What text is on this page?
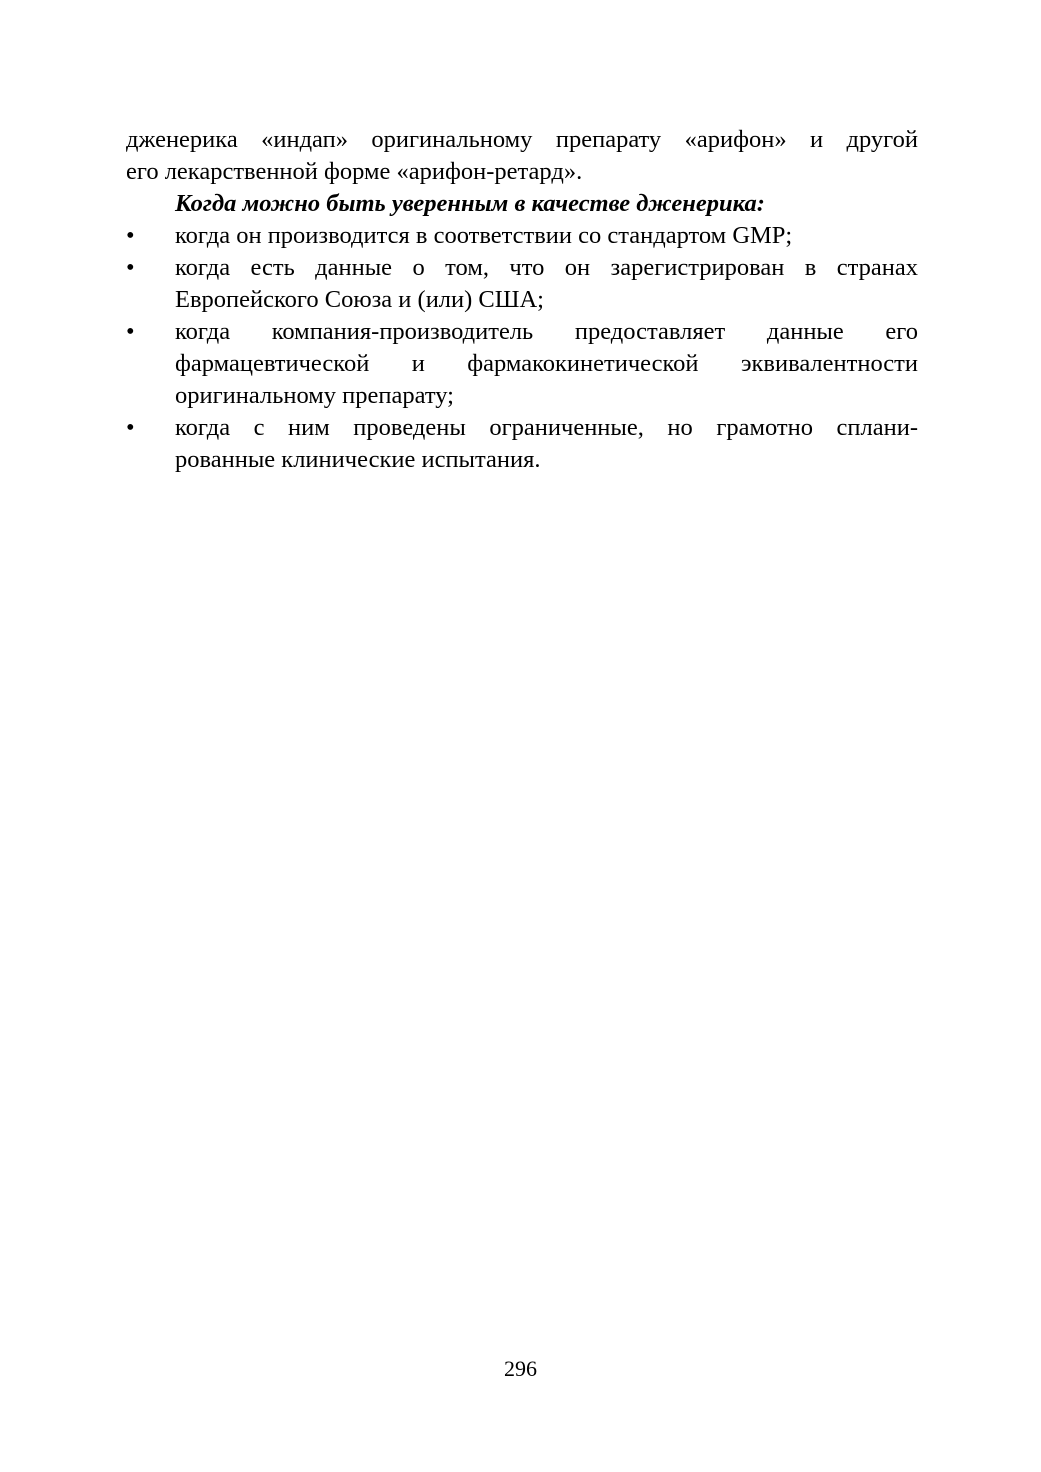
дженерика «индап» оригинальному препарату «арифон» и другой
его лекарственной форме «арифон-ретард».

Когда можно быть уверенным в качестве дженерика:

•	когда он производится в соответствии со стандартом GMP;
•	когда есть данные о том, что он зарегистрирован в странах
Европейского Союза и (или) США;
•	когда компания-производитель предоставляет данные его
фармацевтической и фармакокинетической эквивалентности
оригинальному препарату;
•	когда с ним проведены ограниченные, но грамотно сплани-
рованные клинические испытания.
296
